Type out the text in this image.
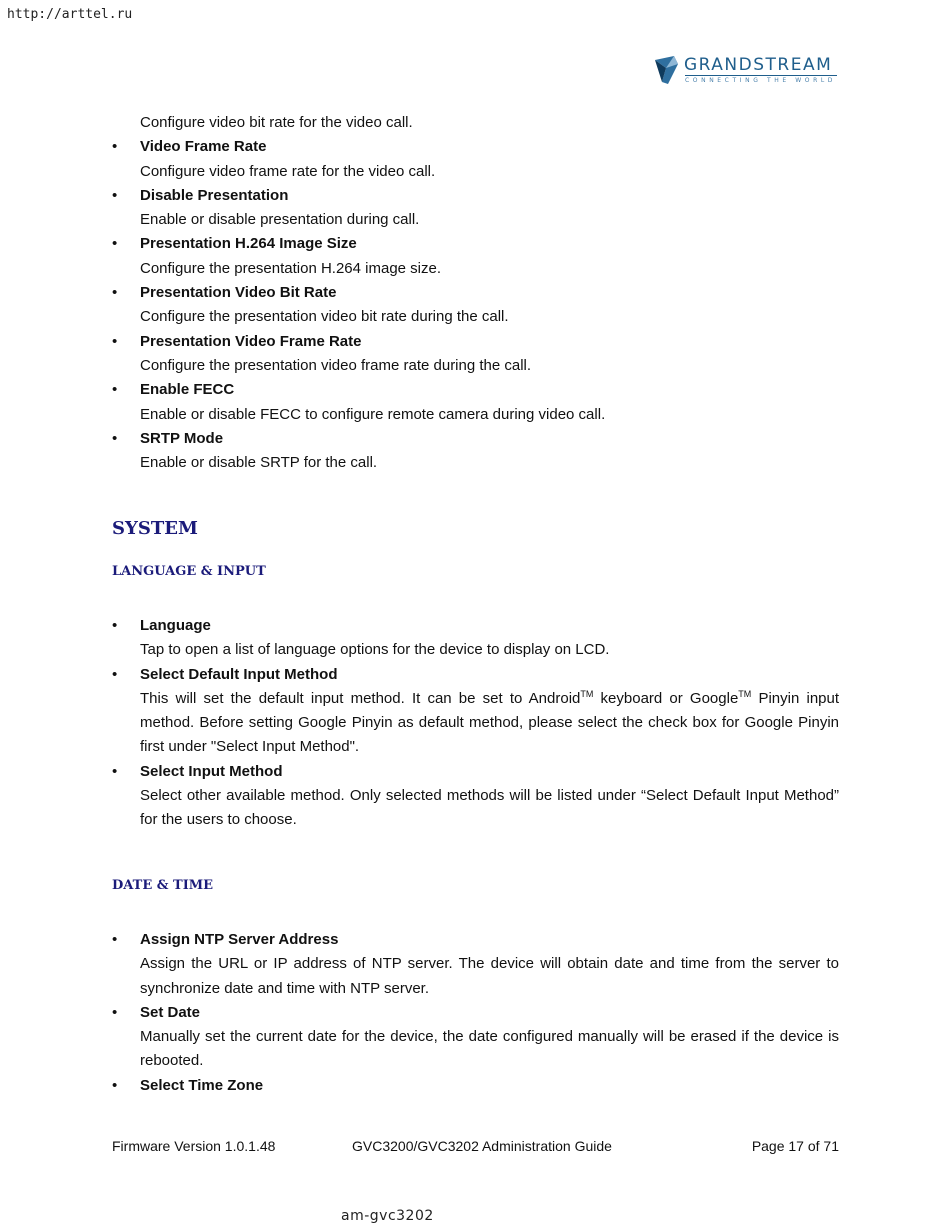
http://arttel.ru
GRANDSTREAM
CONNECTING THE WORLD

Configure video bit rate for the video call.

•
Video Frame Rate
Configure video frame rate for the video call.
•
Disable Presentation
Enable or disable presentation during call.
•
Presentation H.264 Image Size
Configure the presentation H.264 image size.
•
Presentation Video Bit Rate
Configure the presentation video bit rate during the call.
•
Presentation Video Frame Rate
Configure the presentation video frame rate during the call.
•
Enable FECC
Enable or disable FECC to configure remote camera during video call.
•
SRTP Mode
Enable or disable SRTP for the call.
SYSTEM
LANGUAGE & INPUT
•
Language
Tap to open a list of language options for the device to display on LCD.
•
Select Default Input Method
This will set the default input method. It can be set to Android™ keyboard or Google™ Pinyin input method. Before setting Google Pinyin as default method, please select the check box for Google Pinyin first under "Select Input Method".
•
Select Input Method
Select other available method. Only selected methods will be listed under “Select Default Input Method” for the users to choose.
DATE & TIME
•
Assign NTP Server Address
Assign the URL or IP address of NTP server. The device will obtain date and time from the server to synchronize date and time with NTP server.
•
Set Date
Manually set the current date for the device, the date configured manually will be erased if the device is rebooted.
•
Select Time Zone
Firmware Version 1.0.1.48	GVC3200/GVC3202 Administration Guide	Page 17 of 71
am-gvc3202
